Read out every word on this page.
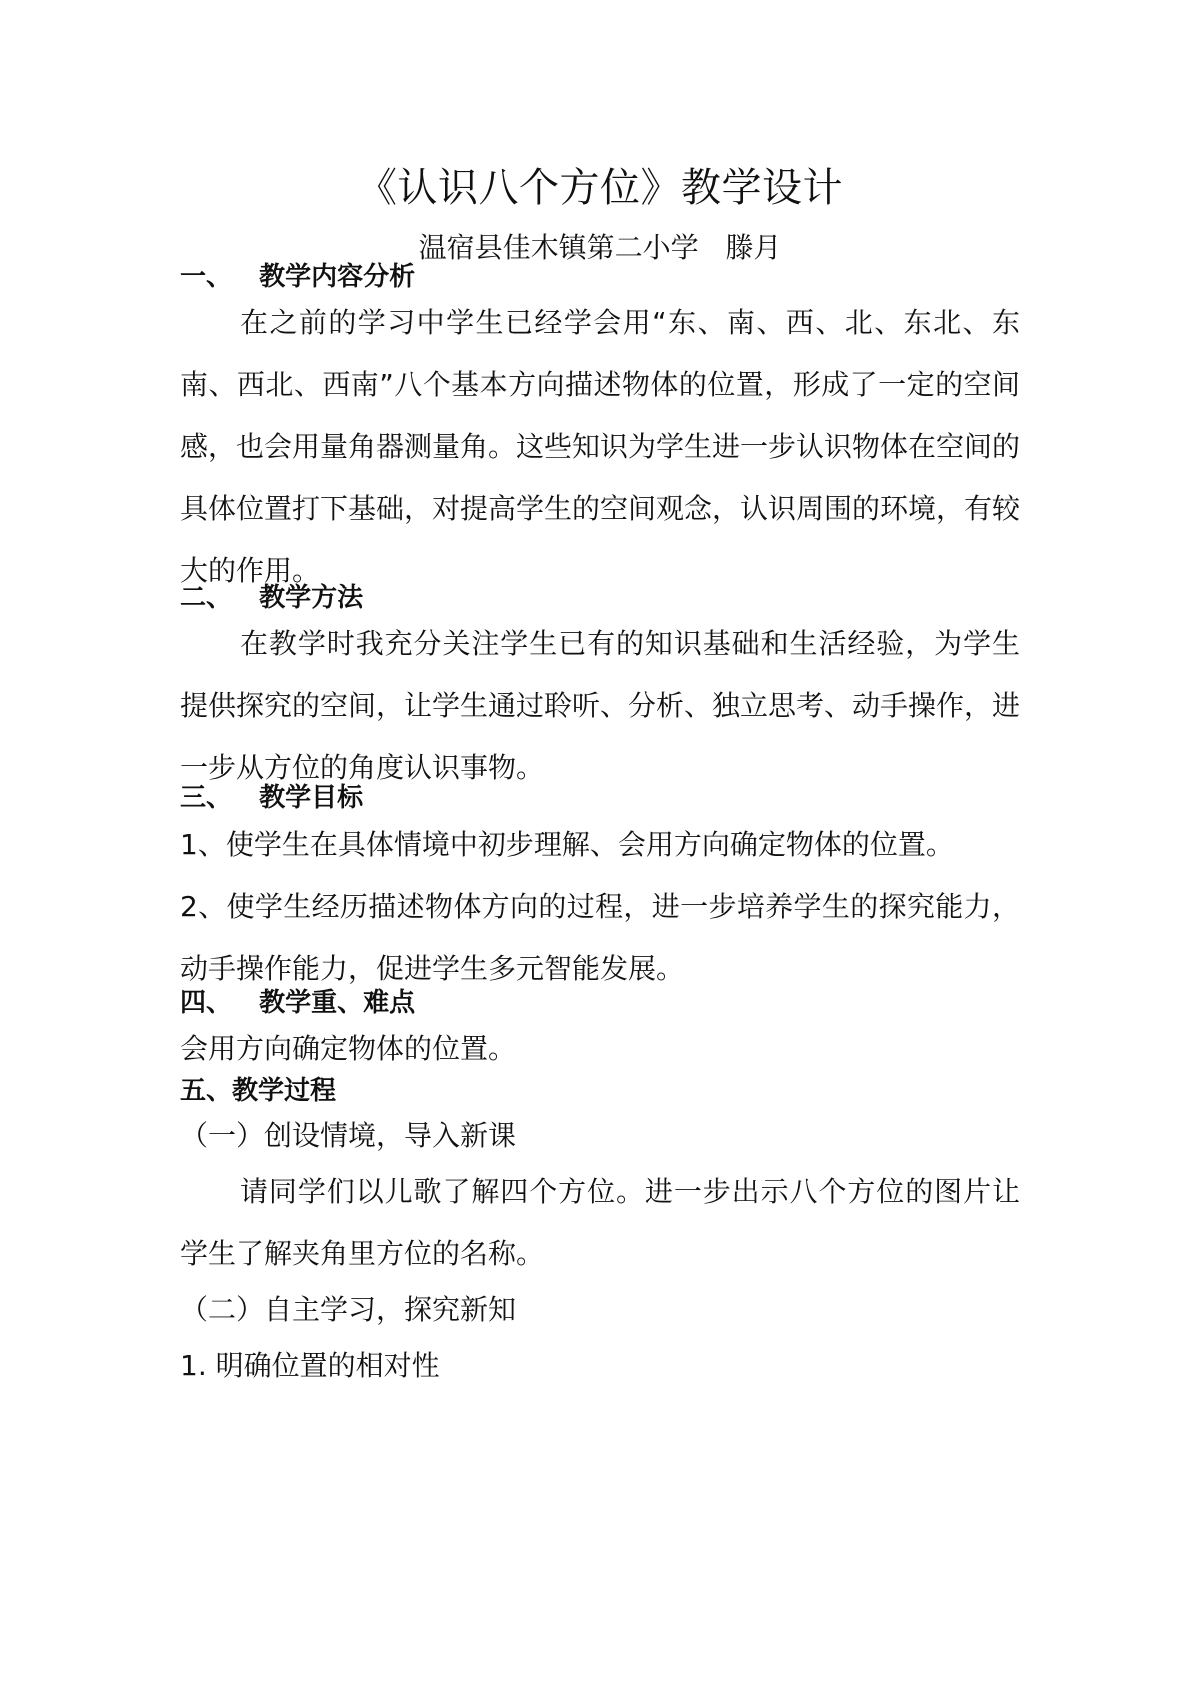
《认识八个方位》教学设计
温宿县佳木镇第二小学   滕月
一、   教学内容分析
在之前的学习中学生已经学会用“东、南、西、北、东北、东南、西北、西南”八个基本方向描述物体的位置，形成了一定的空间感，也会用量角器测量角。这些知识为学生进一步认识物体在空间的具体位置打下基础，对提高学生的空间观念，认识周围的环境，有较大的作用。
二、   教学方法
在教学时我充分关注学生已有的知识基础和生活经验，为学生提供探究的空间，让学生通过聆听、分析、独立思考、动手操作，进一步从方位的角度认识事物。
三、   教学目标
1、使学生在具体情境中初步理解、会用方向确定物体的位置。
2、使学生经历描述物体方向的过程，进一步培养学生的探究能力，动手操作能力，促进学生多元智能发展。
四、   教学重、难点
会用方向确定物体的位置。
五、教学过程
（一）创设情境，导入新课
请同学们以儿歌了解四个方位。进一步出示八个方位的图片让学生了解夹角里方位的名称。
（二）自主学习，探究新知
1. 明确位置的相对性
